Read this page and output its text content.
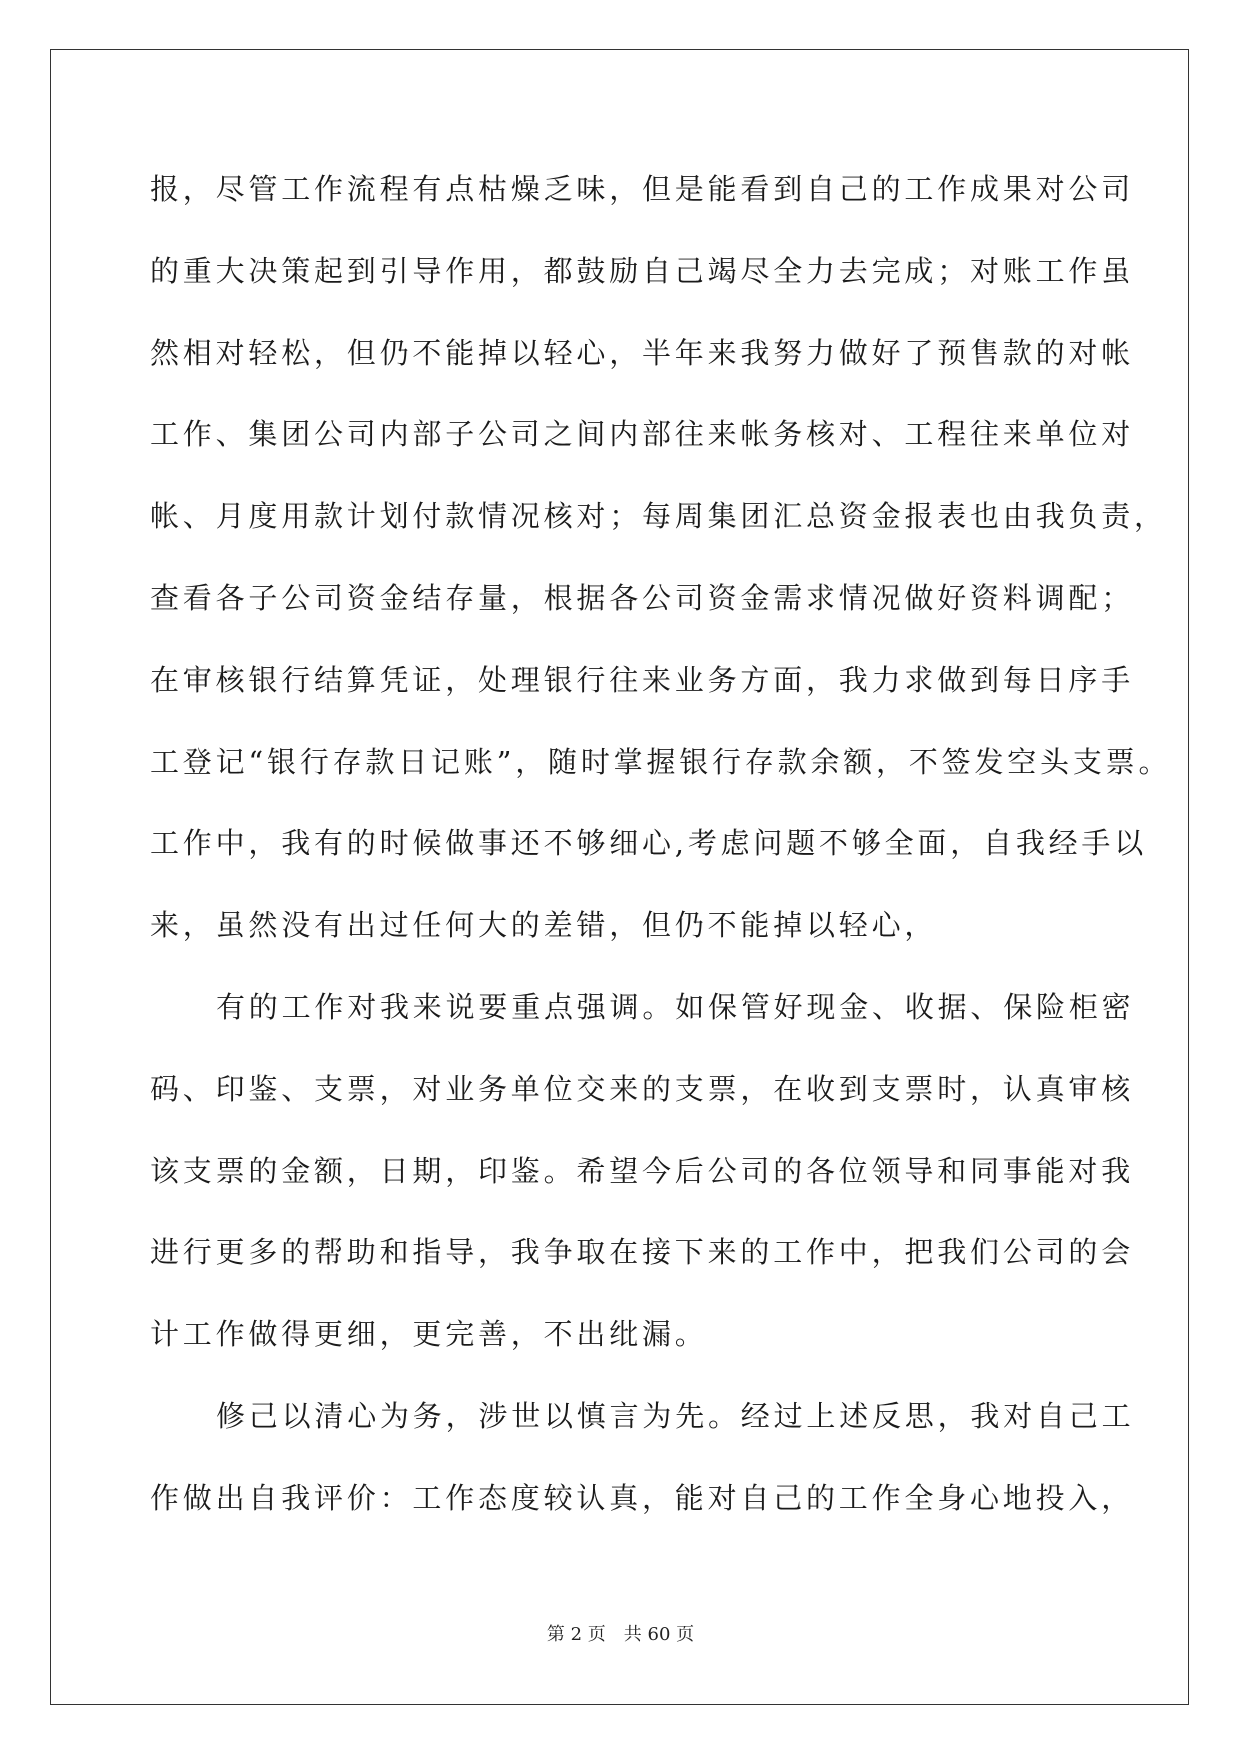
报，尽管工作流程有点枯燥乏味，但是能看到自己的工作成果对公司
的重大决策起到引导作用，都鼓励自己竭尽全力去完成；对账工作虽
然相对轻松，但仍不能掉以轻心，半年来我努力做好了预售款的对帐
工作、集团公司内部子公司之间内部往来帐务核对、工程往来单位对
帐、月度用款计划付款情况核对；每周集团汇总资金报表也由我负责，
查看各子公司资金结存量，根据各公司资金需求情况做好资料调配；
在审核银行结算凭证，处理银行往来业务方面，我力求做到每日序手
工登记“银行存款日记账”，随时掌握银行存款余额，不签发空头支票。
工作中，我有的时候做事还不够细心,考虑问题不够全面，自我经手以
来，虽然没有出过任何大的差错，但仍不能掉以轻心，
有的工作对我来说要重点强调。如保管好现金、收据、保险柜密
码、印鉴、支票，对业务单位交来的支票，在收到支票时，认真审核
该支票的金额，日期，印鉴。希望今后公司的各位领导和同事能对我
进行更多的帮助和指导，我争取在接下来的工作中，把我们公司的会
计工作做得更细，更完善，不出纰漏。
修己以清心为务，涉世以慎言为先。经过上述反思，我对自己工
作做出自我评价：工作态度较认真，能对自己的工作全身心地投入，
第 2 页　共 60 页
